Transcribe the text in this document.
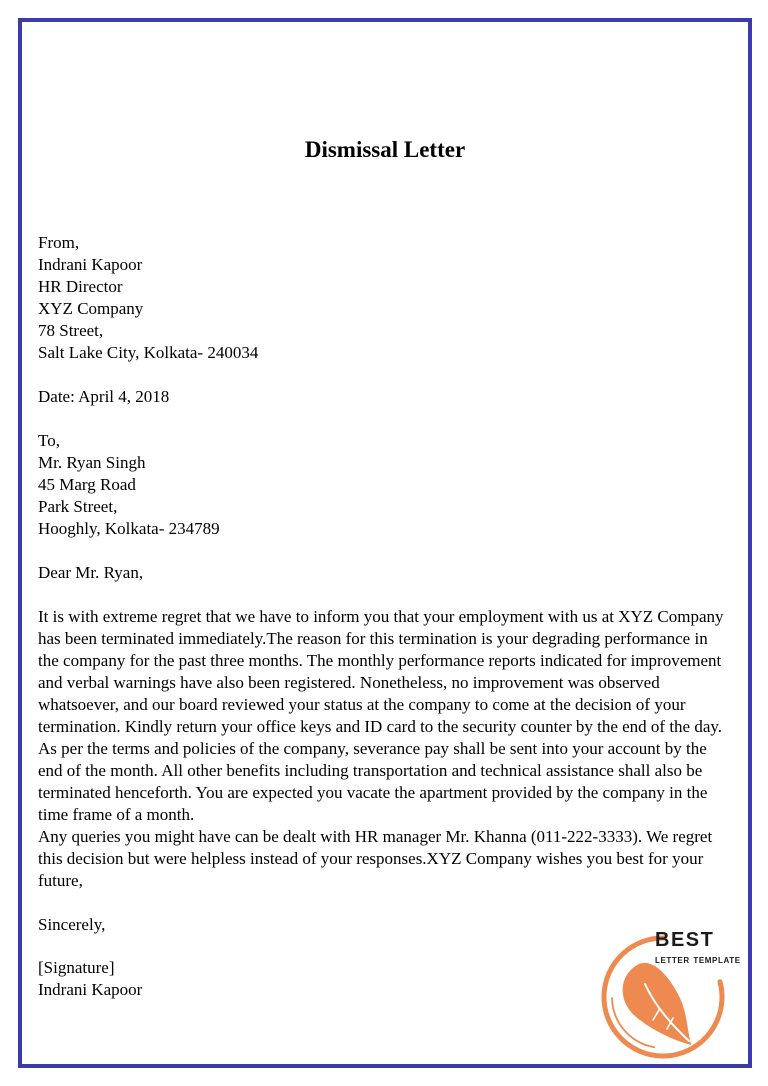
Dismissal Letter
From,
Indrani Kapoor
HR Director
XYZ Company
78 Street,
Salt Lake City, Kolkata- 240034
Date: April 4, 2018
To,
Mr. Ryan Singh
45 Marg Road
Park Street,
Hooghly, Kolkata- 234789
Dear Mr. Ryan,

It is with extreme regret that we have to inform you that your employment with us at XYZ Company has been terminated immediately.The reason for this termination is your degrading performance in the company for the past three months. The monthly performance reports indicated for improvement and verbal warnings have also been registered. Nonetheless, no improvement was observed whatsoever, and our board reviewed your status at the company to come at the decision of your termination. Kindly return your office keys and ID card to the security counter by the end of the day.

As per the terms and policies of the company, severance pay shall be sent into your account by the end of the month. All other benefits including transportation and technical assistance shall also be terminated henceforth. You are expected you vacate the apartment provided by the company in the time frame of a month.

Any queries you might have can be dealt with HR manager Mr. Khanna (011-222-3333). We regret this decision but were helpless instead of your responses.XYZ Company wishes you best for your future,

Sincerely,
[Signature]
Indrani Kapoor
best
letter template
